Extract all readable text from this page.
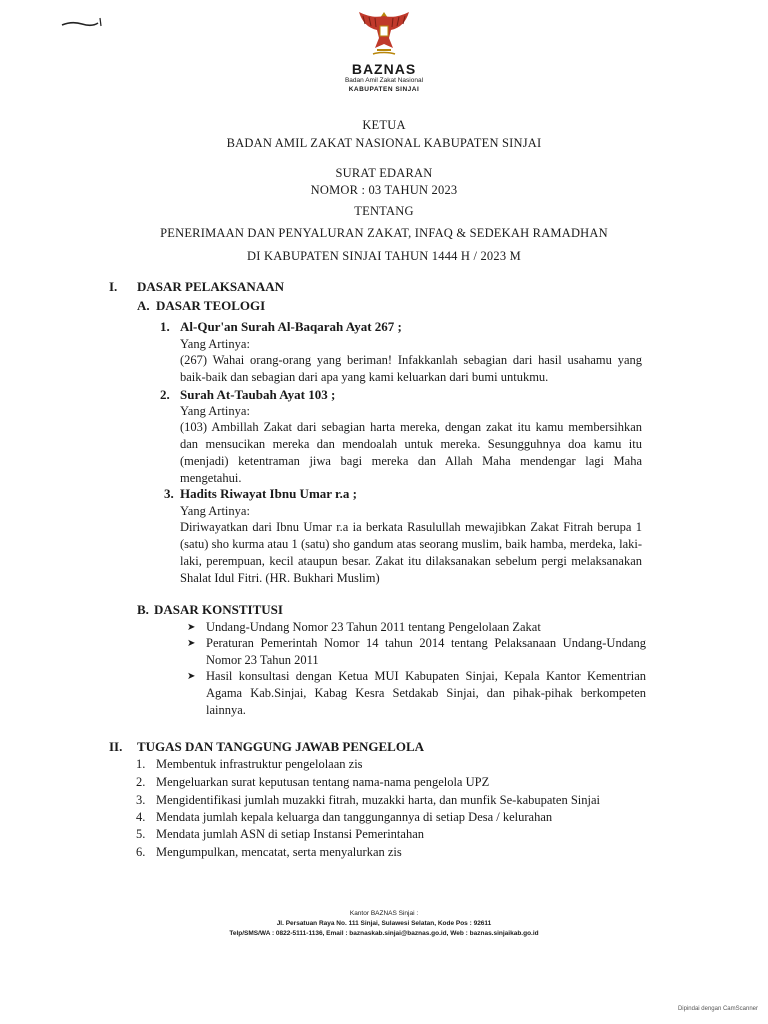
BAZNAS
Badan Amil Zakat Nasional
KABUPATEN SINJAI
KETUA
BADAN AMIL ZAKAT NASIONAL KABUPATEN SINJAI
SURAT EDARAN
NOMOR : 03 TAHUN 2023
TENTANG
PENERIMAAN DAN PENYALURAN ZAKAT, INFAQ & SEDEKAH RAMADHAN
DI KABUPATEN SINJAI TAHUN 1444 H / 2023 M
I. DASAR PELAKSANAAN
A. DASAR TEOLOGI
1. Al-Qur'an Surah Al-Baqarah Ayat 267 ;
Yang Artinya:
(267) Wahai orang-orang yang beriman! Infakkanlah sebagian dari hasil usahamu yang baik-baik dan sebagian dari apa yang kami keluarkan dari bumi untukmu.
2. Surah At-Taubah Ayat 103 ;
Yang Artinya:
(103) Ambillah Zakat dari sebagian harta mereka, dengan zakat itu kamu membersihkan dan mensucikan mereka dan mendoalah untuk mereka. Sesungguhnya doa kamu itu (menjadi) ketentraman jiwa bagi mereka dan Allah Maha mendengar lagi Maha mengetahui.
3. Hadits Riwayat Ibnu Umar r.a ;
Yang Artinya:
Diriwayatkan dari Ibnu Umar r.a ia berkata Rasulullah mewajibkan Zakat Fitrah berupa 1 (satu) sho kurma atau 1 (satu) sho gandum atas seorang muslim, baik hamba, merdeka, laki-laki, perempuan, kecil ataupun besar. Zakat itu dilaksanakan sebelum pergi melaksanakan Shalat Idul Fitri. (HR. Bukhari Muslim)
B. DASAR KONSTITUSI
➤ Undang-Undang Nomor 23 Tahun 2011 tentang Pengelolaan Zakat
➤ Peraturan Pemerintah Nomor 14 tahun 2014 tentang Pelaksanaan Undang-Undang Nomor 23 Tahun 2011
➤ Hasil konsultasi dengan Ketua MUI Kabupaten Sinjai, Kepala Kantor Kementrian Agama Kab.Sinjai, Kabag Kesra Setdakab Sinjai, dan pihak-pihak berkompeten lainnya.
II. TUGAS DAN TANGGUNG JAWAB PENGELOLA
1. Membentuk infrastruktur pengelolaan zis
2. Mengeluarkan surat keputusan tentang nama-nama pengelola UPZ
3. Mengidentifikasi jumlah muzakki fitrah, muzakki harta, dan munfik Se-kabupaten Sinjai
4. Mendata jumlah kepala keluarga dan tanggungannya di setiap Desa / kelurahan
5. Mendata jumlah ASN di setiap Instansi Pemerintahan
6. Mengumpulkan, mencatat, serta menyalurkan zis
Kantor BAZNAS Sinjai :
Jl. Persatuan Raya No. 111 Sinjai, Sulawesi Selatan, Kode Pos : 92611
Telp/SMS/WA : 0822-5111-1136, Email : baznaskab.sinjai@baznas.go.id, Web : baznas.sinjaikab.go.id
Dipindai dengan CamScanner
